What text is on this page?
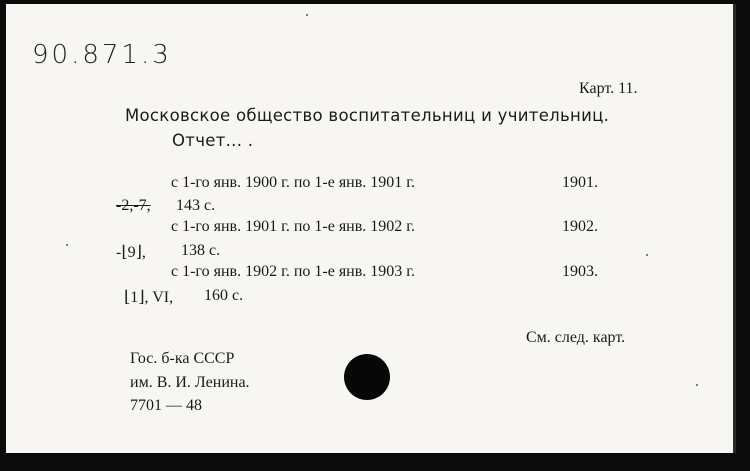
90.871.3
Карт. 11.
Московское общество воспитательниц и учительниц.
Отчет... .
с 1-го янв. 1900 г. по 1-е янв. 1901 г.	1901.
-2,-7, 143 с.
с 1-го янв. 1901 г. по 1-е янв. 1902 г.	1902.
-⌊9⌋, 138 с.
с 1-го янв. 1902 г. по 1-е янв. 1903 г.	1903.
⌊1⌋, VI, 160 с.
См. след. карт.
Гос. б-ка СССР
им. В. И. Ленина.
7701 — 48
